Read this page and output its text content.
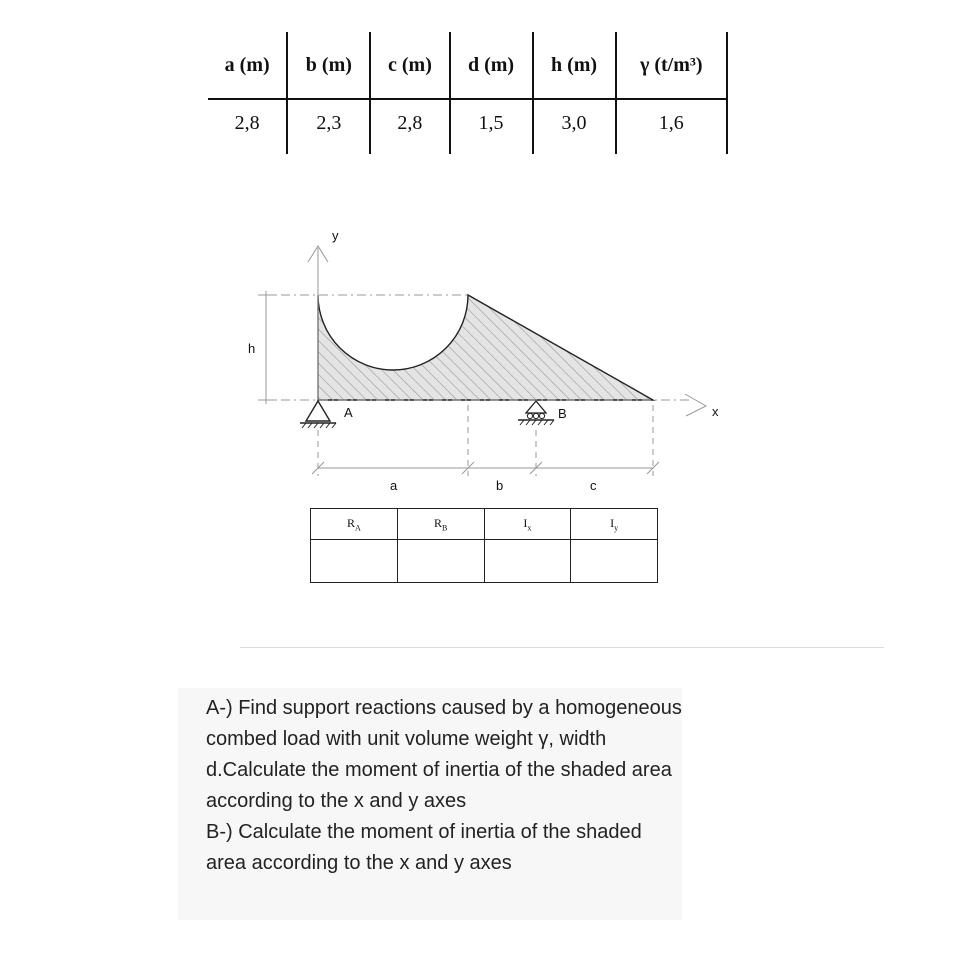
a (m)	b (m)	c (m)	d (m)	h (m)	γ (t/m³)
2,8	2,3	2,8	1,5	3,0	1,6
x
y
h
a	b	c
A	B
$R_A$	$R_B$	$I_x$	$I_y$

A-) Find support reactions caused by a homogeneous combed load with unit volume weight γ, width d.Calculate the moment of inertia of the shaded area according to the x and y axes

B-) Calculate the moment of inertia of the shaded area according to the x and y axes
